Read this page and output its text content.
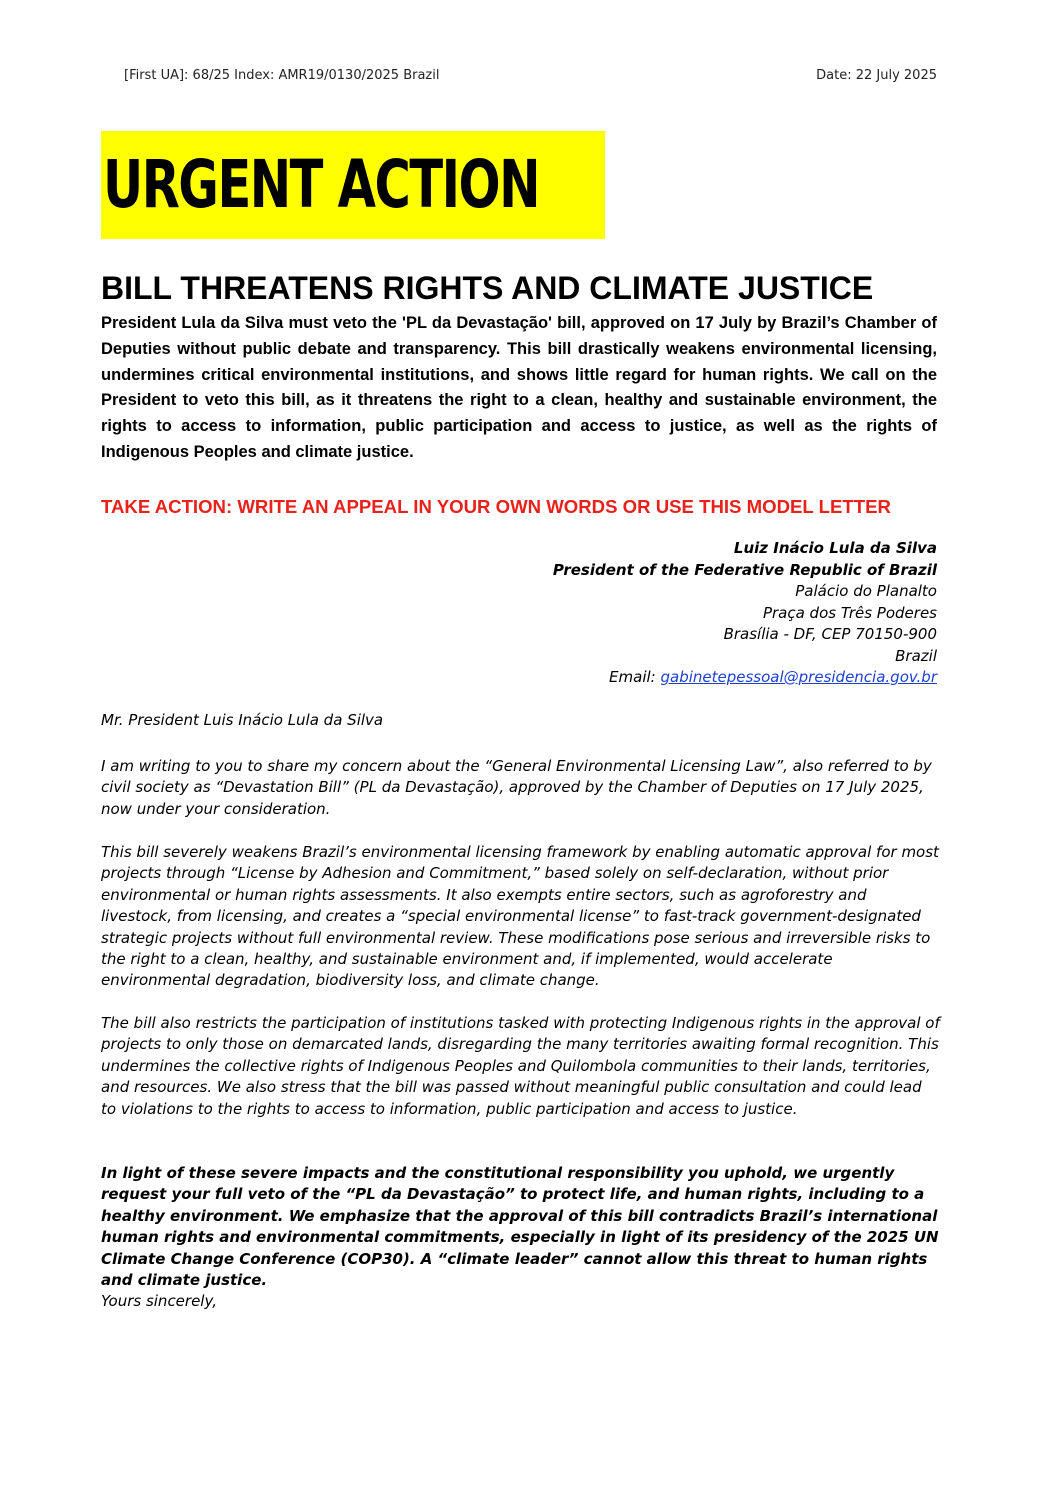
[First UA]: 68/25 Index: AMR19/0130/2025 Brazil	Date: 22 July 2025
URGENT ACTION
BILL THREATENS RIGHTS AND CLIMATE JUSTICE
President Lula da Silva must veto the 'PL da Devastação' bill, approved on 17 July by Brazil’s Chamber of Deputies without public debate and transparency. This bill drastically weakens environmental licensing, undermines critical environmental institutions, and shows little regard for human rights. We call on the President to veto this bill, as it threatens the right to a clean, healthy and sustainable environment, the rights to access to information, public participation and access to justice, as well as the rights of Indigenous Peoples and climate justice.
TAKE ACTION: WRITE AN APPEAL IN YOUR OWN WORDS OR USE THIS MODEL LETTER
Luiz Inácio Lula da Silva
President of the Federative Republic of Brazil
Palácio do Planalto
Praça dos Três Poderes
Brasília - DF, CEP 70150-900
Brazil
Email: gabinetepessoal@presidencia.gov.br
Mr. President Luis Inácio Lula da Silva
I am writing to you to share my concern about the “General Environmental Licensing Law”, also referred to by civil society as “Devastation Bill” (PL da Devastação), approved by the Chamber of Deputies on 17 July 2025, now under your consideration.
This bill severely weakens Brazil’s environmental licensing framework by enabling automatic approval for most projects through “License by Adhesion and Commitment,” based solely on self-declaration, without prior environmental or human rights assessments. It also exempts entire sectors, such as agroforestry and livestock, from licensing, and creates a “special environmental license” to fast-track government-designated strategic projects without full environmental review. These modifications pose serious and irreversible risks to the right to a clean, healthy, and sustainable environment and, if implemented, would accelerate environmental degradation, biodiversity loss, and climate change.
The bill also restricts the participation of institutions tasked with protecting Indigenous rights in the approval of projects to only those on demarcated lands, disregarding the many territories awaiting formal recognition. This undermines the collective rights of Indigenous Peoples and Quilombola communities to their lands, territories, and resources. We also stress that the bill was passed without meaningful public consultation and could lead to violations to the rights to access to information, public participation and access to justice.
In light of these severe impacts and the constitutional responsibility you uphold, we urgently request your full veto of the “PL da Devastação” to protect life, and human rights, including to a healthy environment. We emphasize that the approval of this bill contradicts Brazil’s international human rights and environmental commitments, especially in light of its presidency of the 2025 UN Climate Change Conference (COP30). A “climate leader” cannot allow this threat to human rights and climate justice.
Yours sincerely,
